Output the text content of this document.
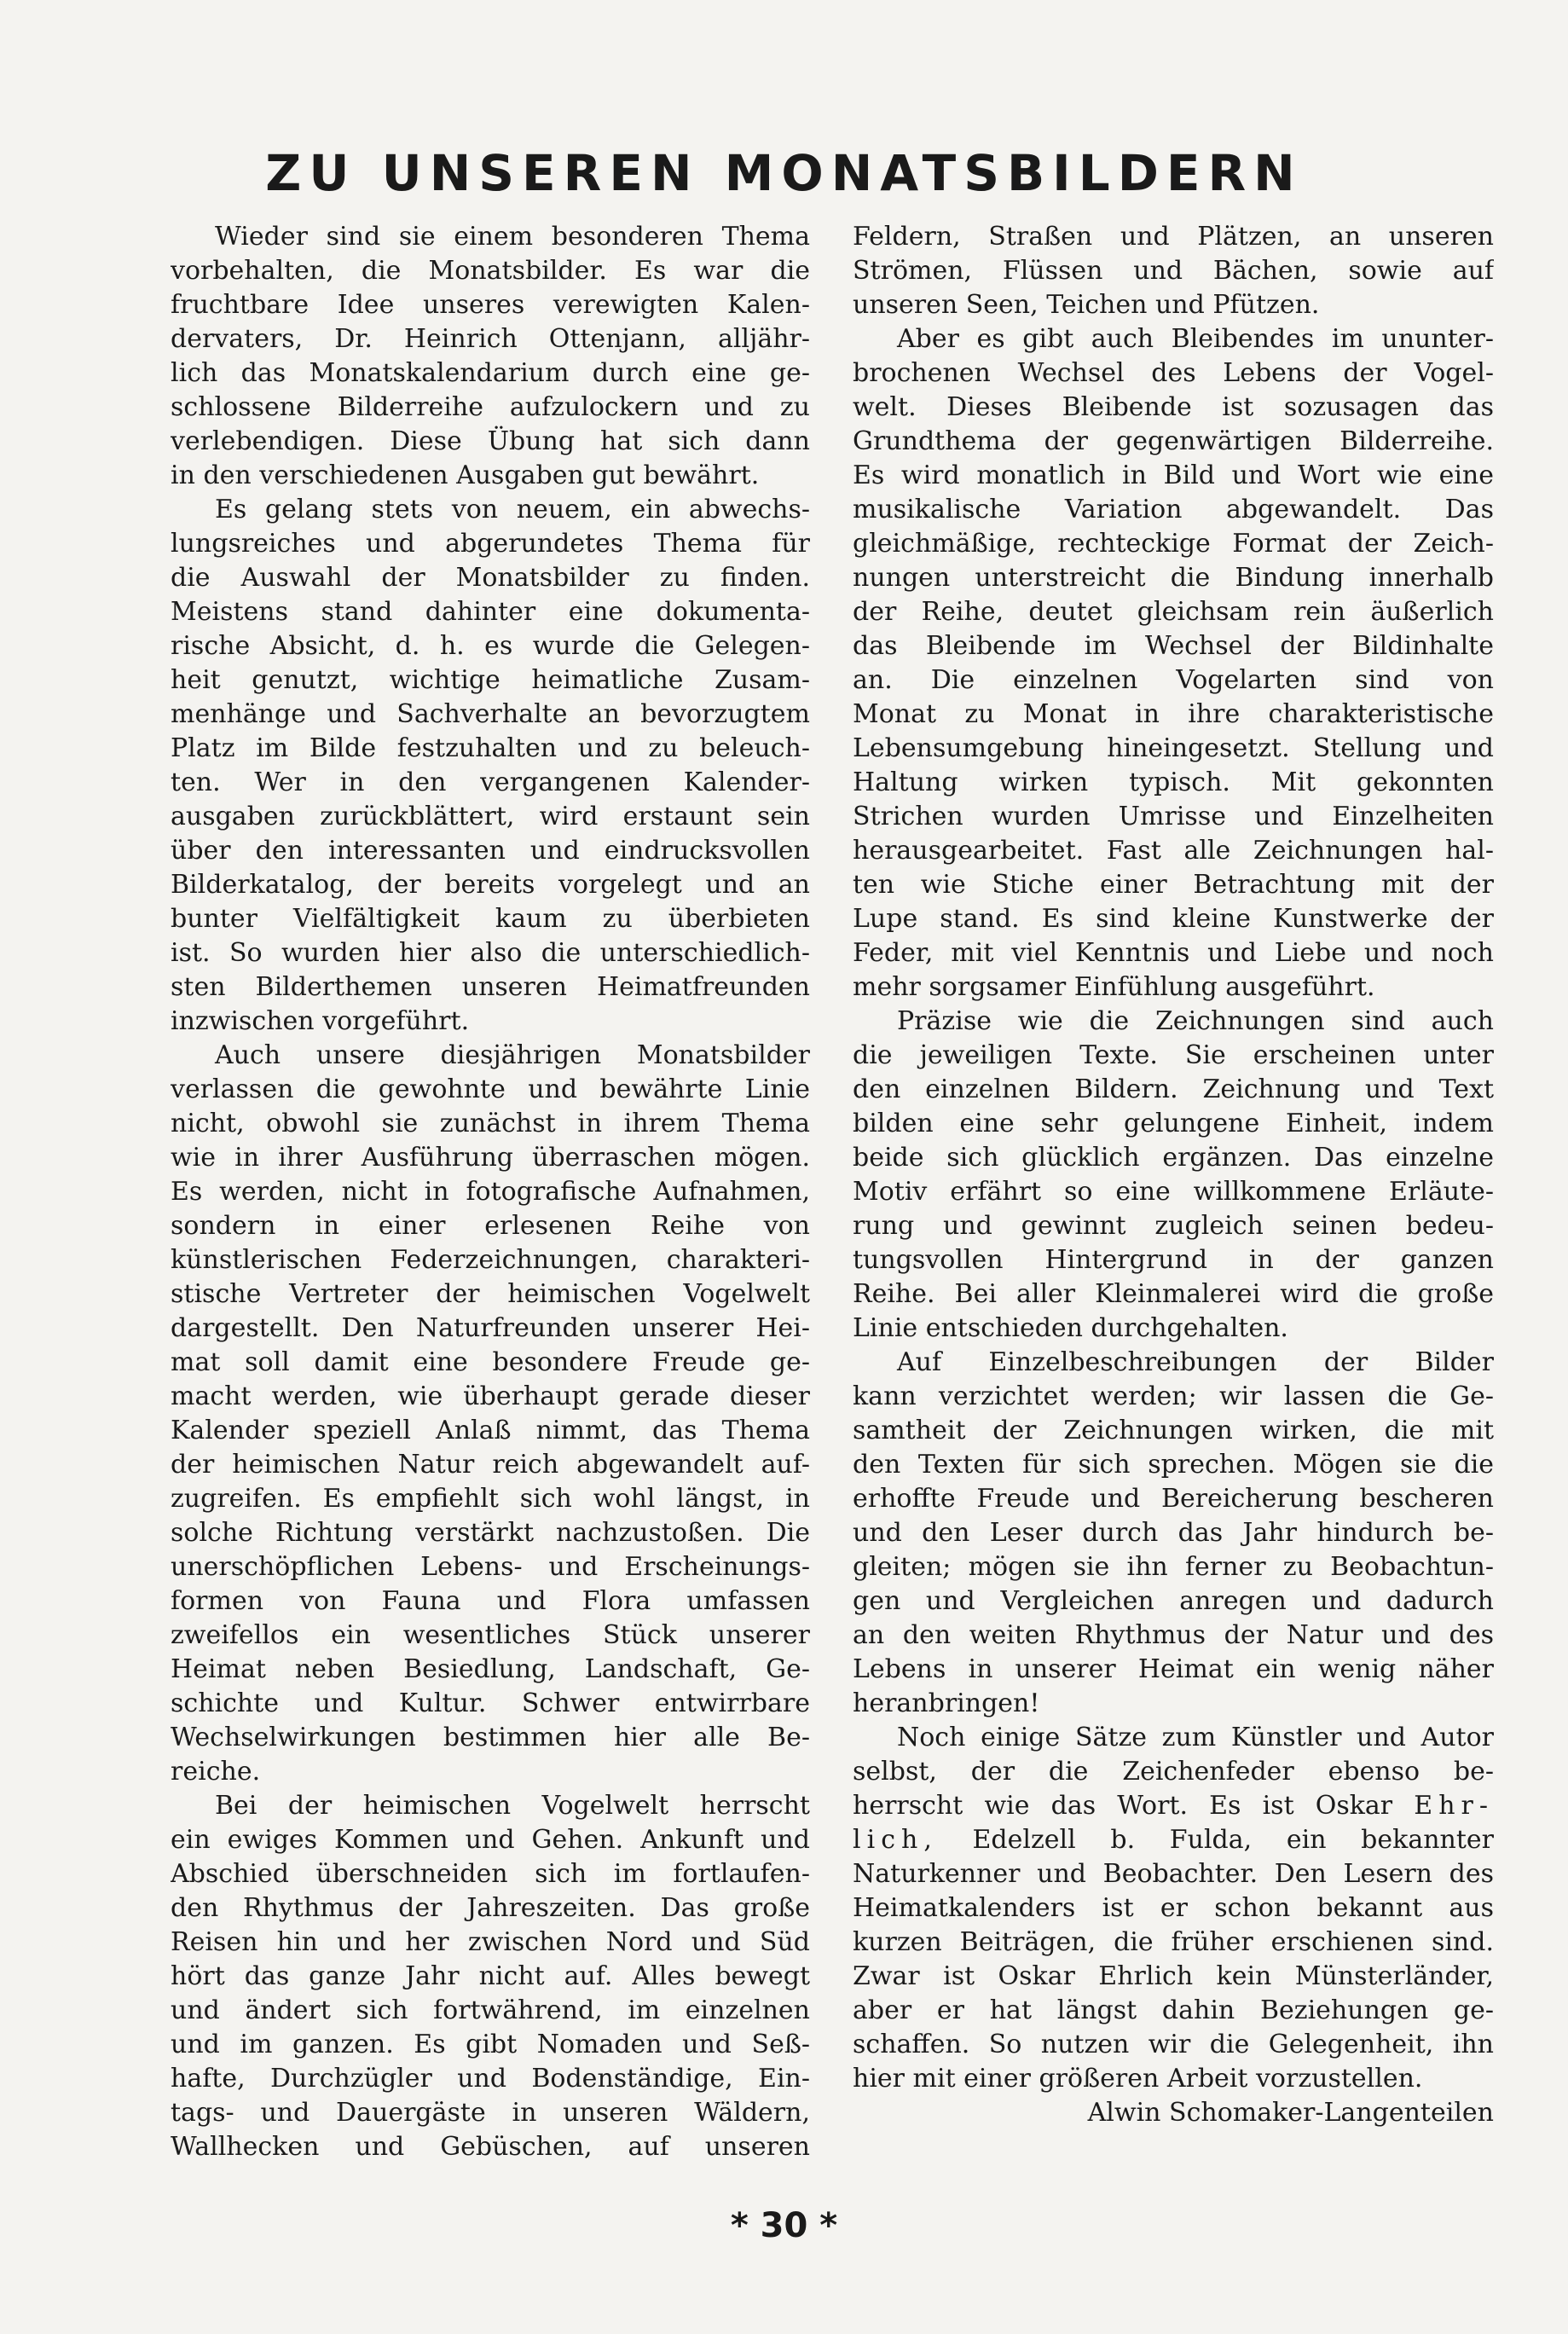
ZU UNSEREN MONATSBILDERN
Wieder sind sie einem besonderen Thema
vorbehalten, die Monatsbilder. Es war die
fruchtbare Idee unseres verewigten Kalen-
dervaters, Dr. Heinrich Ottenjann, alljähr-
lich das Monatskalendarium durch eine ge-
schlossene Bilderreihe aufzulockern und zu
verlebendigen. Diese Übung hat sich dann
in den verschiedenen Ausgaben gut bewährt.
Es gelang stets von neuem, ein abwechs-
lungsreiches und abgerundetes Thema für
die Auswahl der Monatsbilder zu finden.
Meistens stand dahinter eine dokumenta-
rische Absicht, d. h. es wurde die Gelegen-
heit genutzt, wichtige heimatliche Zusam-
menhänge und Sachverhalte an bevorzugtem
Platz im Bilde festzuhalten und zu beleuch-
ten. Wer in den vergangenen Kalender-
ausgaben zurückblättert, wird erstaunt sein
über den interessanten und eindrucksvollen
Bilderkatalog, der bereits vorgelegt und an
bunter Vielfältigkeit kaum zu überbieten
ist. So wurden hier also die unterschiedlich-
sten Bilderthemen unseren Heimatfreunden
inzwischen vorgeführt.
Auch unsere diesjährigen Monatsbilder
verlassen die gewohnte und bewährte Linie
nicht, obwohl sie zunächst in ihrem Thema
wie in ihrer Ausführung überraschen mögen.
Es werden, nicht in fotografische Aufnahmen,
sondern in einer erlesenen Reihe von
künstlerischen Federzeichnungen, charakteri-
stische Vertreter der heimischen Vogelwelt
dargestellt. Den Naturfreunden unserer Hei-
mat soll damit eine besondere Freude ge-
macht werden, wie überhaupt gerade dieser
Kalender speziell Anlaß nimmt, das Thema
der heimischen Natur reich abgewandelt auf-
zugreifen. Es empfiehlt sich wohl längst, in
solche Richtung verstärkt nachzustoßen. Die
unerschöpflichen Lebens- und Erscheinungs-
formen von Fauna und Flora umfassen
zweifellos ein wesentliches Stück unserer
Heimat neben Besiedlung, Landschaft, Ge-
schichte und Kultur. Schwer entwirrbare
Wechselwirkungen bestimmen hier alle Be-
reiche.
Bei der heimischen Vogelwelt herrscht
ein ewiges Kommen und Gehen. Ankunft und
Abschied überschneiden sich im fortlaufen-
den Rhythmus der Jahreszeiten. Das große
Reisen hin und her zwischen Nord und Süd
hört das ganze Jahr nicht auf. Alles bewegt
und ändert sich fortwährend, im einzelnen
und im ganzen. Es gibt Nomaden und Seß-
hafte, Durchzügler und Bodenständige, Ein-
tags- und Dauergäste in unseren Wäldern,
Wallhecken und Gebüschen, auf unseren
Feldern, Straßen und Plätzen, an unseren
Strömen, Flüssen und Bächen, sowie auf
unseren Seen, Teichen und Pfützen.
Aber es gibt auch Bleibendes im ununter-
brochenen Wechsel des Lebens der Vogel-
welt. Dieses Bleibende ist sozusagen das
Grundthema der gegenwärtigen Bilderreihe.
Es wird monatlich in Bild und Wort wie eine
musikalische Variation abgewandelt. Das
gleichmäßige, rechteckige Format der Zeich-
nungen unterstreicht die Bindung innerhalb
der Reihe, deutet gleichsam rein äußerlich
das Bleibende im Wechsel der Bildinhalte
an. Die einzelnen Vogelarten sind von
Monat zu Monat in ihre charakteristische
Lebensumgebung hineingesetzt. Stellung und
Haltung wirken typisch. Mit gekonnten
Strichen wurden Umrisse und Einzelheiten
herausgearbeitet. Fast alle Zeichnungen hal-
ten wie Stiche einer Betrachtung mit der
Lupe stand. Es sind kleine Kunstwerke der
Feder, mit viel Kenntnis und Liebe und noch
mehr sorgsamer Einfühlung ausgeführt.
Präzise wie die Zeichnungen sind auch
die jeweiligen Texte. Sie erscheinen unter
den einzelnen Bildern. Zeichnung und Text
bilden eine sehr gelungene Einheit, indem
beide sich glücklich ergänzen. Das einzelne
Motiv erfährt so eine willkommene Erläute-
rung und gewinnt zugleich seinen bedeu-
tungsvollen Hintergrund in der ganzen
Reihe. Bei aller Kleinmalerei wird die große
Linie entschieden durchgehalten.
Auf Einzelbeschreibungen der Bilder
kann verzichtet werden; wir lassen die Ge-
samtheit der Zeichnungen wirken, die mit
den Texten für sich sprechen. Mögen sie die
erhoffte Freude und Bereicherung bescheren
und den Leser durch das Jahr hindurch be-
gleiten; mögen sie ihn ferner zu Beobachtun-
gen und Vergleichen anregen und dadurch
an den weiten Rhythmus der Natur und des
Lebens in unserer Heimat ein wenig näher
heranbringen!
Noch einige Sätze zum Künstler und Autor
selbst, der die Zeichenfeder ebenso be-
herrscht wie das Wort. Es ist Oskar Ehr-
lich, Edelzell b. Fulda, ein bekannter
Naturkenner und Beobachter. Den Lesern des
Heimatkalenders ist er schon bekannt aus
kurzen Beiträgen, die früher erschienen sind.
Zwar ist Oskar Ehrlich kein Münsterländer,
aber er hat längst dahin Beziehungen ge-
schaffen. So nutzen wir die Gelegenheit, ihn
hier mit einer größeren Arbeit vorzustellen.
Alwin Schomaker-Langenteilen
* 30 *
